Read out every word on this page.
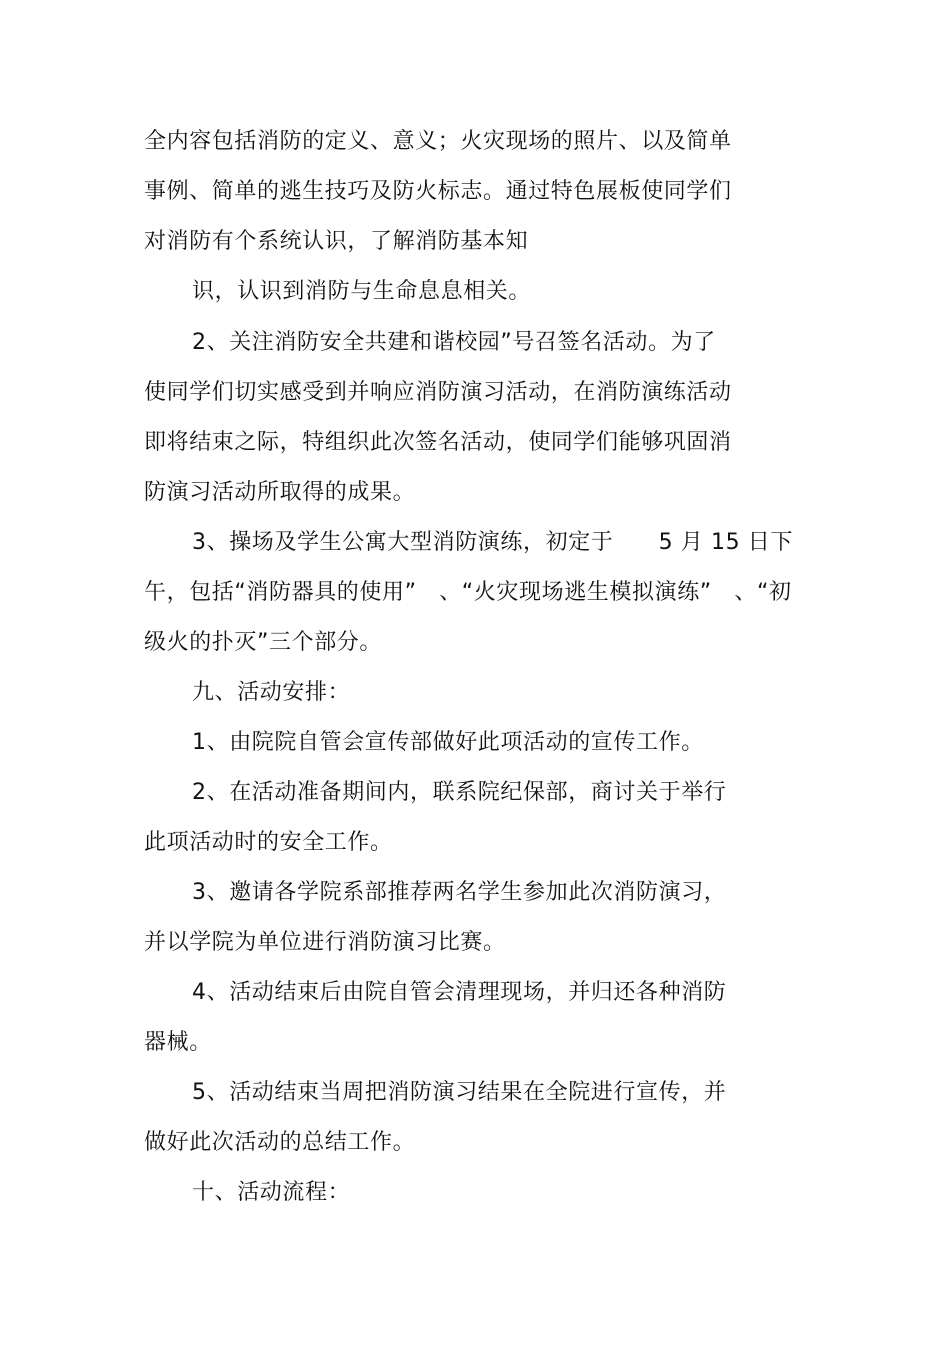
全内容包括消防的定义、意义；火灾现场的照片、以及简单
事例、简单的逃生技巧及防火标志。通过特色展板使同学们
对消防有个系统认识，了解消防基本知
识，认识到消防与生命息息相关。
2、关注消防安全共建和谐校园”号召签名活动。为了
使同学们切实感受到并响应消防演习活动，在消防演练活动
即将结束之际，特组织此次签名活动，使同学们能够巩固消
防演习活动所取得的成果。
3、操场及学生公寓大型消防演练，初定于　　5 月 15 日下
午，包括“消防器具的使用”　、“火灾现场逃生模拟演练”　、“初
级火的扑灭”三个部分。
九、活动安排：
1、由院院自管会宣传部做好此项活动的宣传工作。
2、在活动准备期间内，联系院纪保部，商讨关于举行
此项活动时的安全工作。
3、邀请各学院系部推荐两名学生参加此次消防演习，
并以学院为单位进行消防演习比赛。
4、活动结束后由院自管会清理现场，并归还各种消防
器械。
5、活动结束当周把消防演习结果在全院进行宣传，并
做好此次活动的总结工作。
十、活动流程：
